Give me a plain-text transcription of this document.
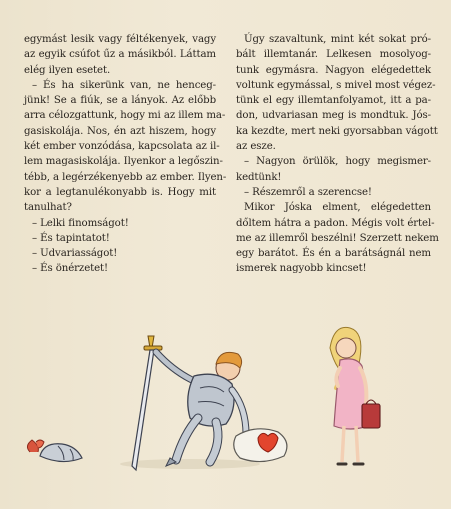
egymást lesik vagy féltékenyek, vagy
az egyik csúfot űz a másikból. Láttam
elég ilyen esetet.
– És ha sikerünk van, ne henceg-
jünk! Se a fiúk, se a lányok. Az előbb
arra célozgattunk, hogy mi az illem ma-
gasiskolája. Nos, én azt hiszem, hogy
két ember vonzódása, kapcsolata az il-
lem magasiskolája. Ilyenkor a legőszin-
tébb, a legérzékenyebb az ember. Ilyen-
kor a legtanulékonyabb is. Hogy mit
tanulhat?
– Lelki finomságot!
– És tapintatot!
– Udvariasságot!
– És önérzetet!
Úgy szavaltunk, mint két sokat pró-
bált illemtanár. Lelkesen mosolyog-
tunk egymásra. Nagyon elégedettek
voltunk egymással, s mivel most végez-
tünk el egy illemtanfolyamot, itt a pa-
don, udvariasan meg is mondtuk. Jós-
ka kezdte, mert neki gyorsabban vágott
az esze.
– Nagyon örülök, hogy megismer-
kedtünk!
– Részemről a szerencse!
Mikor Jóska elment, elégedetten
dőltem hátra a padon. Mégis volt értel-
me az illemről beszélni! Szerzett nekem
egy barátot. És én a barátságnál nem
ismerek nagyobb kincset!
